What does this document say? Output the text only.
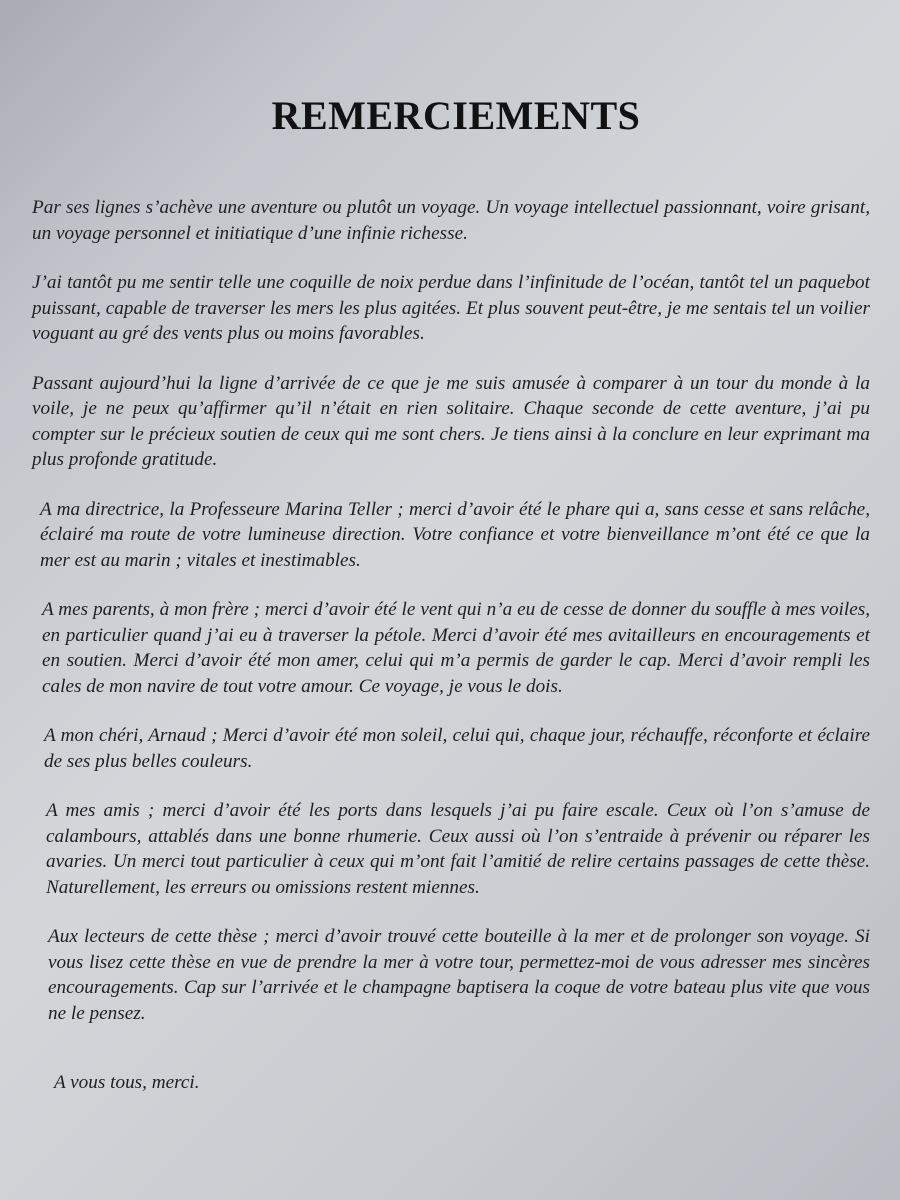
REMERCIEMENTS

Par ses lignes s’achève une aventure ou plutôt un voyage. Un voyage intellectuel passionnant, voire grisant, un voyage personnel et initiatique d’une infinie richesse.

J’ai tantôt pu me sentir telle une coquille de noix perdue dans l’infinitude de l’océan, tantôt tel un paquebot puissant, capable de traverser les mers les plus agitées. Et plus souvent peut-être, je me sentais tel un voilier voguant au gré des vents plus ou moins favorables.

Passant aujourd’hui la ligne d’arrivée de ce que je me suis amusée à comparer à un tour du monde à la voile, je ne peux qu’affirmer qu’il n’était en rien solitaire. Chaque seconde de cette aventure, j’ai pu compter sur le précieux soutien de ceux qui me sont chers. Je tiens ainsi à la conclure en leur exprimant ma plus profonde gratitude.

A ma directrice, la Professeure Marina Teller ; merci d’avoir été le phare qui a, sans cesse et sans relâche, éclairé ma route de votre lumineuse direction. Votre confiance et votre bienveillance m’ont été ce que la mer est au marin ; vitales et inestimables.

A mes parents, à mon frère ; merci d’avoir été le vent qui n’a eu de cesse de donner du souffle à mes voiles, en particulier quand j’ai eu à traverser la pétole. Merci d’avoir été mes avitailleurs en encouragements et en soutien. Merci d’avoir été mon amer, celui qui m’a permis de garder le cap. Merci d’avoir rempli les cales de mon navire de tout votre amour. Ce voyage, je vous le dois.

A mon chéri, Arnaud ; Merci d’avoir été mon soleil, celui qui, chaque jour, réchauffe, réconforte et éclaire de ses plus belles couleurs.

A mes amis ; merci d’avoir été les ports dans lesquels j’ai pu faire escale. Ceux où l’on s’amuse de calambours, attablés dans une bonne rhumerie. Ceux aussi où l’on s’entraide à prévenir ou réparer les avaries. Un merci tout particulier à ceux qui m’ont fait l’amitié de relire certains passages de cette thèse. Naturellement, les erreurs ou omissions restent miennes.

Aux lecteurs de cette thèse ; merci d’avoir trouvé cette bouteille à la mer et de prolonger son voyage. Si vous lisez cette thèse en vue de prendre la mer à votre tour, permettez-moi de vous adresser mes sincères encouragements. Cap sur l’arrivée et le champagne baptisera la coque de votre bateau plus vite que vous ne le pensez.

A vous tous, merci.
